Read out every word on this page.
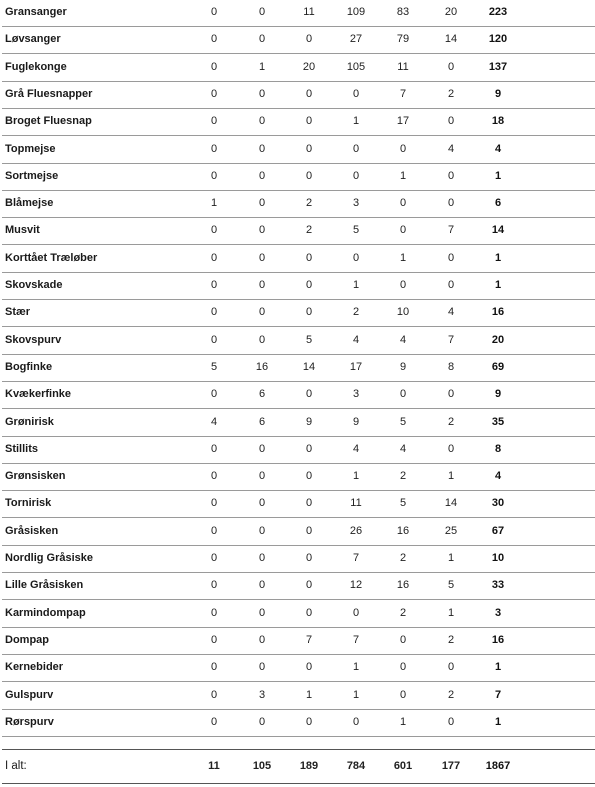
Gransanger	0	0	11	109	83	20	223
Løvsanger	0	0	0	27	79	14	120
Fuglekonge	0	1	20	105	11	0	137
Grå Fluesnapper	0	0	0	0	7	2	9
Broget Fluesnap	0	0	0	1	17	0	18
Topmejse	0	0	0	0	0	4	4
Sortmejse	0	0	0	0	1	0	1
Blåmejse	1	0	2	3	0	0	6
Musvit	0	0	2	5	0	7	14
Korttået Træløber	0	0	0	0	1	0	1
Skovskade	0	0	0	1	0	0	1
Stær	0	0	0	2	10	4	16
Skovspurv	0	0	5	4	4	7	20
Bogfinke	5	16	14	17	9	8	69
Kvækerfinke	0	6	0	3	0	0	9
Grønirisk	4	6	9	9	5	2	35
Stillits	0	0	0	4	4	0	8
Grønsisken	0	0	0	1	2	1	4
Tornirisk	0	0	0	11	5	14	30
Gråsisken	0	0	0	26	16	25	67
Nordlig Gråsiske	0	0	0	7	2	1	10
Lille Gråsisken	0	0	0	12	16	5	33
Karmindompap	0	0	0	0	2	1	3
Dompap	0	0	7	7	0	2	16
Kernebider	0	0	0	1	0	0	1
Gulspurv	0	3	1	1	0	2	7
Rørspurv	0	0	0	0	1	0	1
I alt:	11	105	189	784	601	177	1867
